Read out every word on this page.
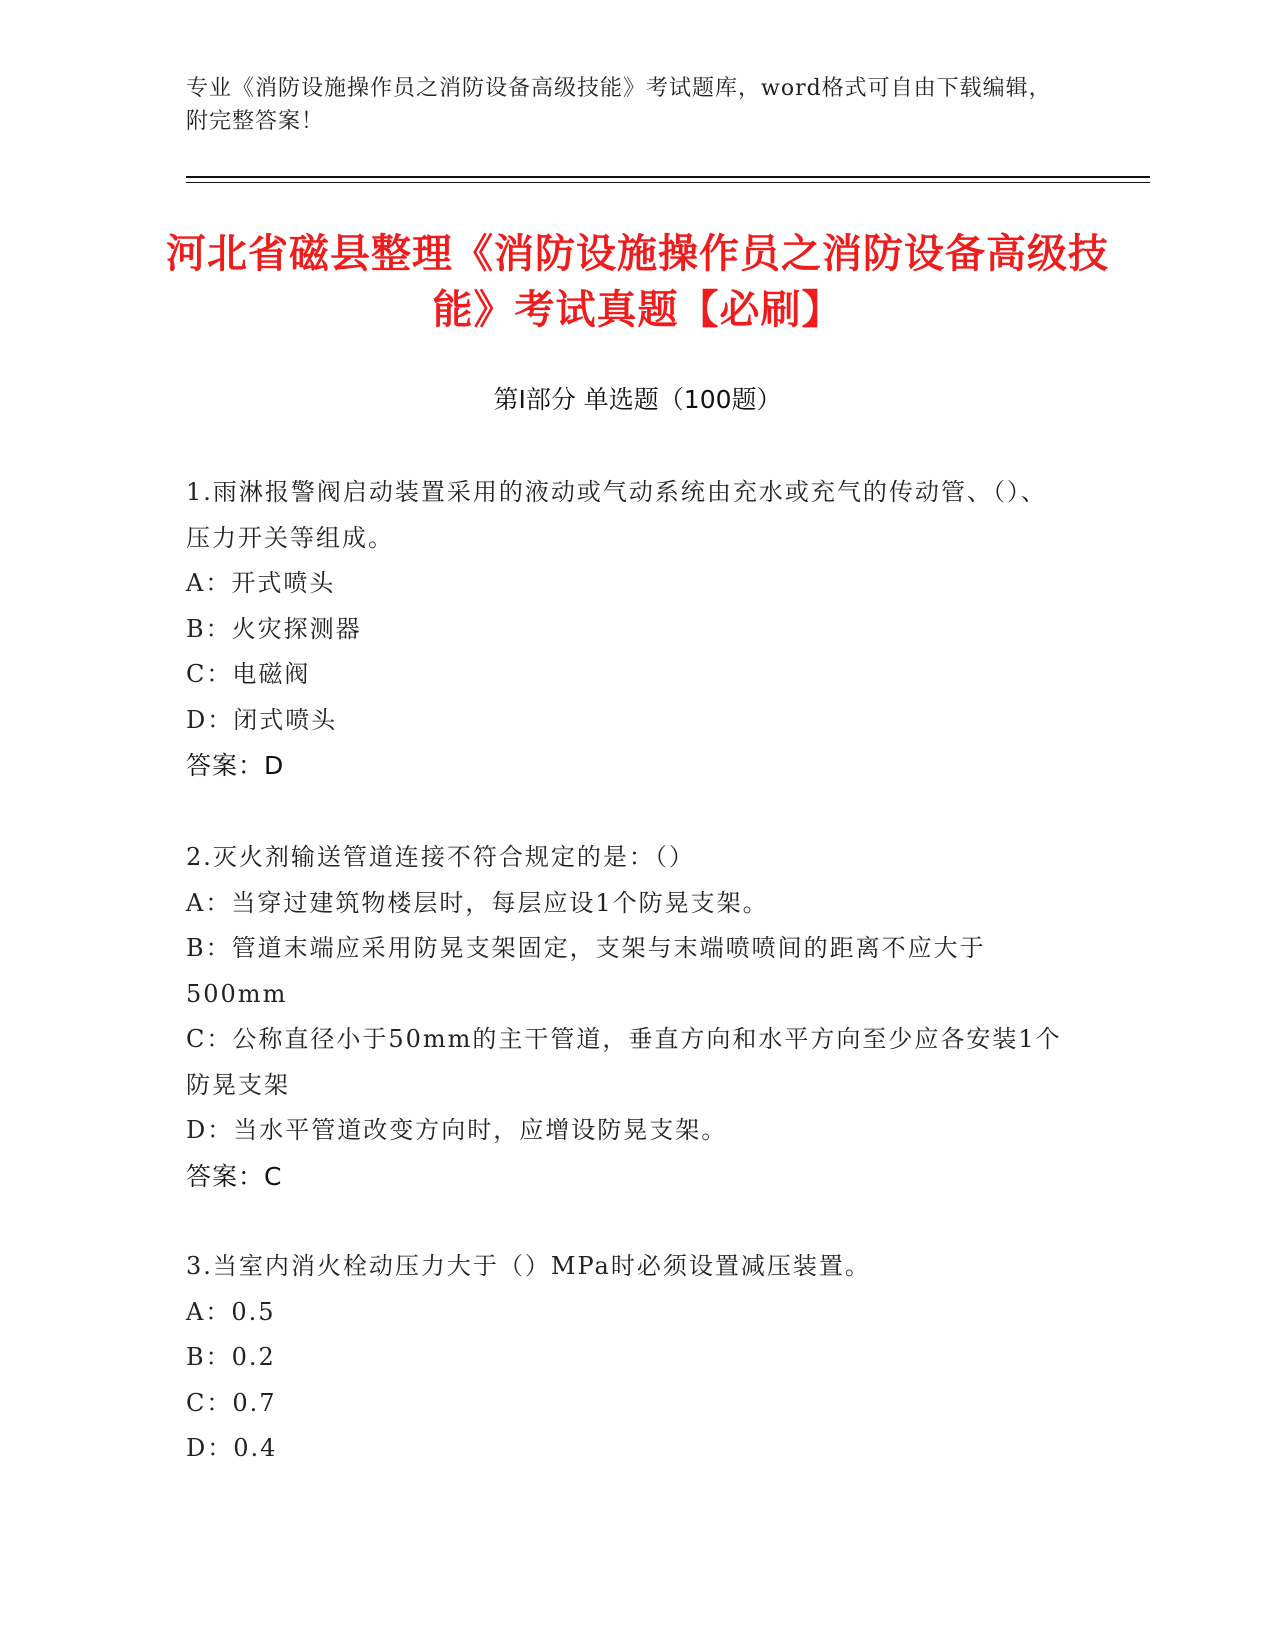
专业《消防设施操作员之消防设备高级技能》考试题库，word格式可自由下载编辑，附完整答案！
河北省磁县整理《消防设施操作员之消防设备高级技能》考试真题【必刷】
第I部分 单选题（100题）

1.雨淋报警阀启动装置采用的液动或气动系统由充水或充气的传动管、（）、压力开关等组成。

A：开式喷头

B：火灾探测器

C：电磁阀

D：闭式喷头

答案：D

2.灭火剂输送管道连接不符合规定的是：（）

A：当穿过建筑物楼层时，每层应设1个防晃支架。

B：管道末端应采用防晃支架固定，支架与末端喷喷间的距离不应大于500mm

C：公称直径小于50mm的主干管道，垂直方向和水平方向至少应各安装1个防晃支架

D：当水平管道改变方向时，应增设防晃支架。

答案：C

3.当室内消火栓动压力大于（）MPa时必须设置减压装置。

A：0.5

B：0.2

C：0.7

D：0.4
